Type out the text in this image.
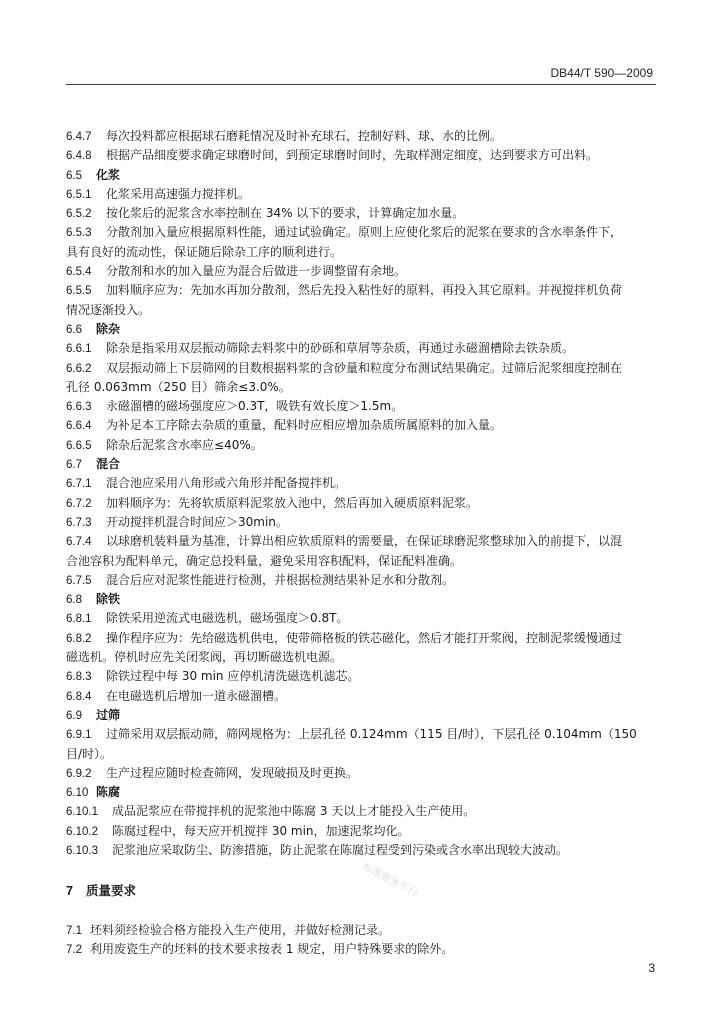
DB44/T 590—2009
6.4.7 每次投料都应根据球石磨耗情况及时补充球石，控制好料、球、水的比例。
6.4.8 根据产品细度要求确定球磨时间，到预定球磨时间时，先取样测定细度，达到要求方可出料。
6.5 化浆
6.5.1 化浆采用高速强力搅拌机。
6.5.2 按化浆后的泥浆含水率控制在 34% 以下的要求，计算确定加水量。
6.5.3 分散剂加入量应根据原料性能，通过试验确定。原则上应使化浆后的泥浆在要求的含水率条件下，
具有良好的流动性，保证随后除杂工序的顺利进行。
6.5.4 分散剂和水的加入量应为混合后做进一步调整留有余地。
6.5.5 加料顺序应为：先加水再加分散剂，然后先投入粘性好的原料，再投入其它原料。并视搅拌机负荷
情况逐渐投入。
6.6 除杂
6.6.1 除杂是指采用双层振动筛除去料浆中的砂砾和草屑等杂质，再通过永磁溜槽除去铁杂质。
6.6.2 双层振动筛上下层筛网的目数根据料浆的含砂量和粒度分布测试结果确定。过筛后泥浆细度控制在
孔径 0.063mm（250 目）筛余≤3.0%。
6.6.3 永磁溜槽的磁场强度应＞0.3T，吸铁有效长度＞1.5m。
6.6.4 为补足本工序除去杂质的重量，配料时应相应增加杂质所属原料的加入量。
6.6.5 除杂后泥浆含水率应≤40%。
6.7 混合
6.7.1 混合池应采用八角形或六角形并配备搅拌机。
6.7.2 加料顺序为：先将软质原料泥浆放入池中，然后再加入硬质原料泥浆。
6.7.3 开动搅拌机混合时间应＞30min。
6.7.4 以球磨机装料量为基准，计算出相应软质原料的需要量，在保证球磨泥浆整球加入的前提下，以混
合池容积为配料单元，确定总投料量，避免采用容积配料，保证配料准确。
6.7.5 混合后应对泥浆性能进行检测，并根据检测结果补足水和分散剂。
6.8 除铁
6.8.1 除铁采用逆流式电磁选机，磁场强度＞0.8T。
6.8.2 操作程序应为：先给磁选机供电，使带筛格板的铁芯磁化，然后才能打开浆阀，控制泥浆缓慢通过
磁选机。停机时应先关闭浆阀，再切断磁选机电源。
6.8.3 除铁过程中每 30 min 应停机清洗磁选机滤芯。
6.8.4 在电磁选机后增加一道永磁溜槽。
6.9 过筛
6.9.1 过筛采用双层振动筛，筛网规格为：上层孔径 0.124mm（115 目/时），下层孔径 0.104mm（150
目/时）。
6.9.2 生产过程应随时检查筛网，发现破损及时更换。
6.10 陈腐
6.10.1 成品泥浆应在带搅拌机的泥浆池中陈腐 3 天以上才能投入生产使用。
6.10.2 陈腐过程中，每天应开机搅拌 30 min，加速泥浆均化。
6.10.3 泥浆池应采取防尘、防渗措施，防止泥浆在陈腐过程受到污染或含水率出现较大波动。
7 质量要求
7.1 坯料须经检验合格方能投入生产使用，并做好检测记录。
7.2 利用废瓷生产的坯料的技术要求按表 1 规定，用户特殊要求的除外。
标准服务平台
3
